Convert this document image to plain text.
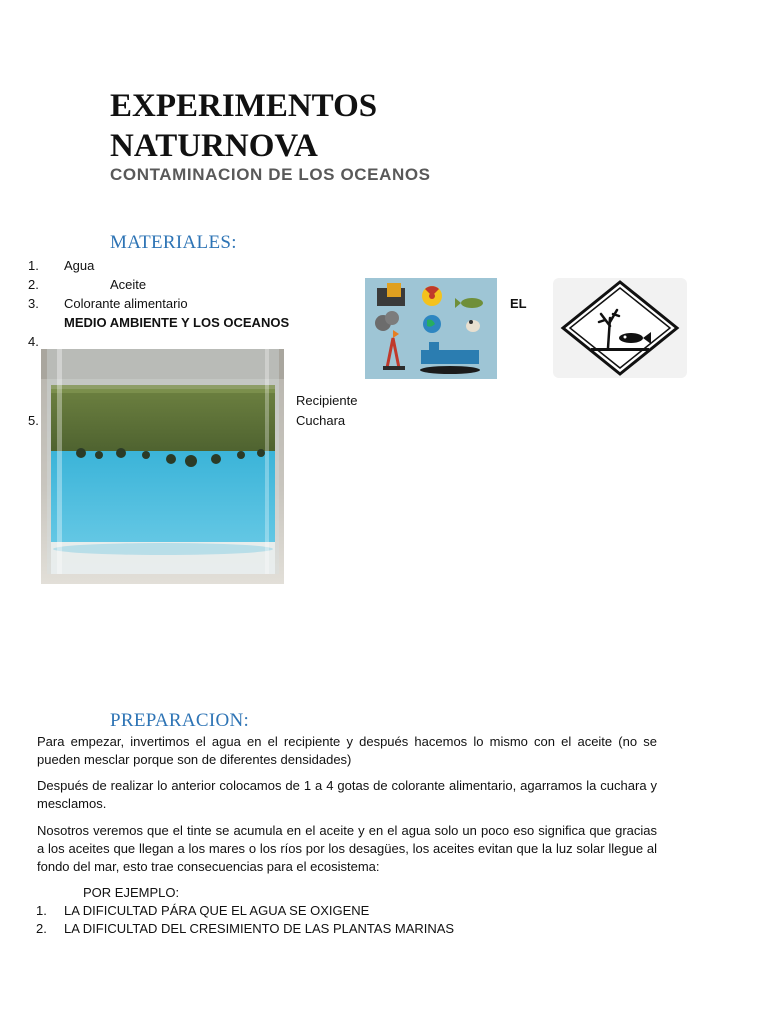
EXPERIMENTOS
NATURNOVA
CONTAMINACION DE LOS OCEANOS
MATERIALES:
1. Agua
2.	Aceite
3. Colorante alimentario
MEDIO AMBIENTE Y LOS OCEANOS
4.
Recipiente
5.	Cuchara
EL
PREPARACION:

Para empezar, invertimos el agua en el recipiente y después hacemos lo mismo con el aceite (no se pueden mesclar porque son de diferentes densidades)

Después de realizar lo anterior colocamos de 1 a 4 gotas de colorante alimentario, agarramos la cuchara y mesclamos.

Nosotros veremos que el tinte se acumula en el aceite y en el agua solo un poco eso significa que gracias a los aceites que llegan a los mares o los ríos por los desagües, los aceites evitan que la luz solar llegue al fondo del mar, esto trae consecuencias para el ecosistema:

POR EJEMPLO:
1. LA DIFICULTAD PÁRA QUE EL AGUA SE OXIGENE
2. LA DIFICULTAD DEL CRESIMIENTO DE LAS PLANTAS MARINAS
